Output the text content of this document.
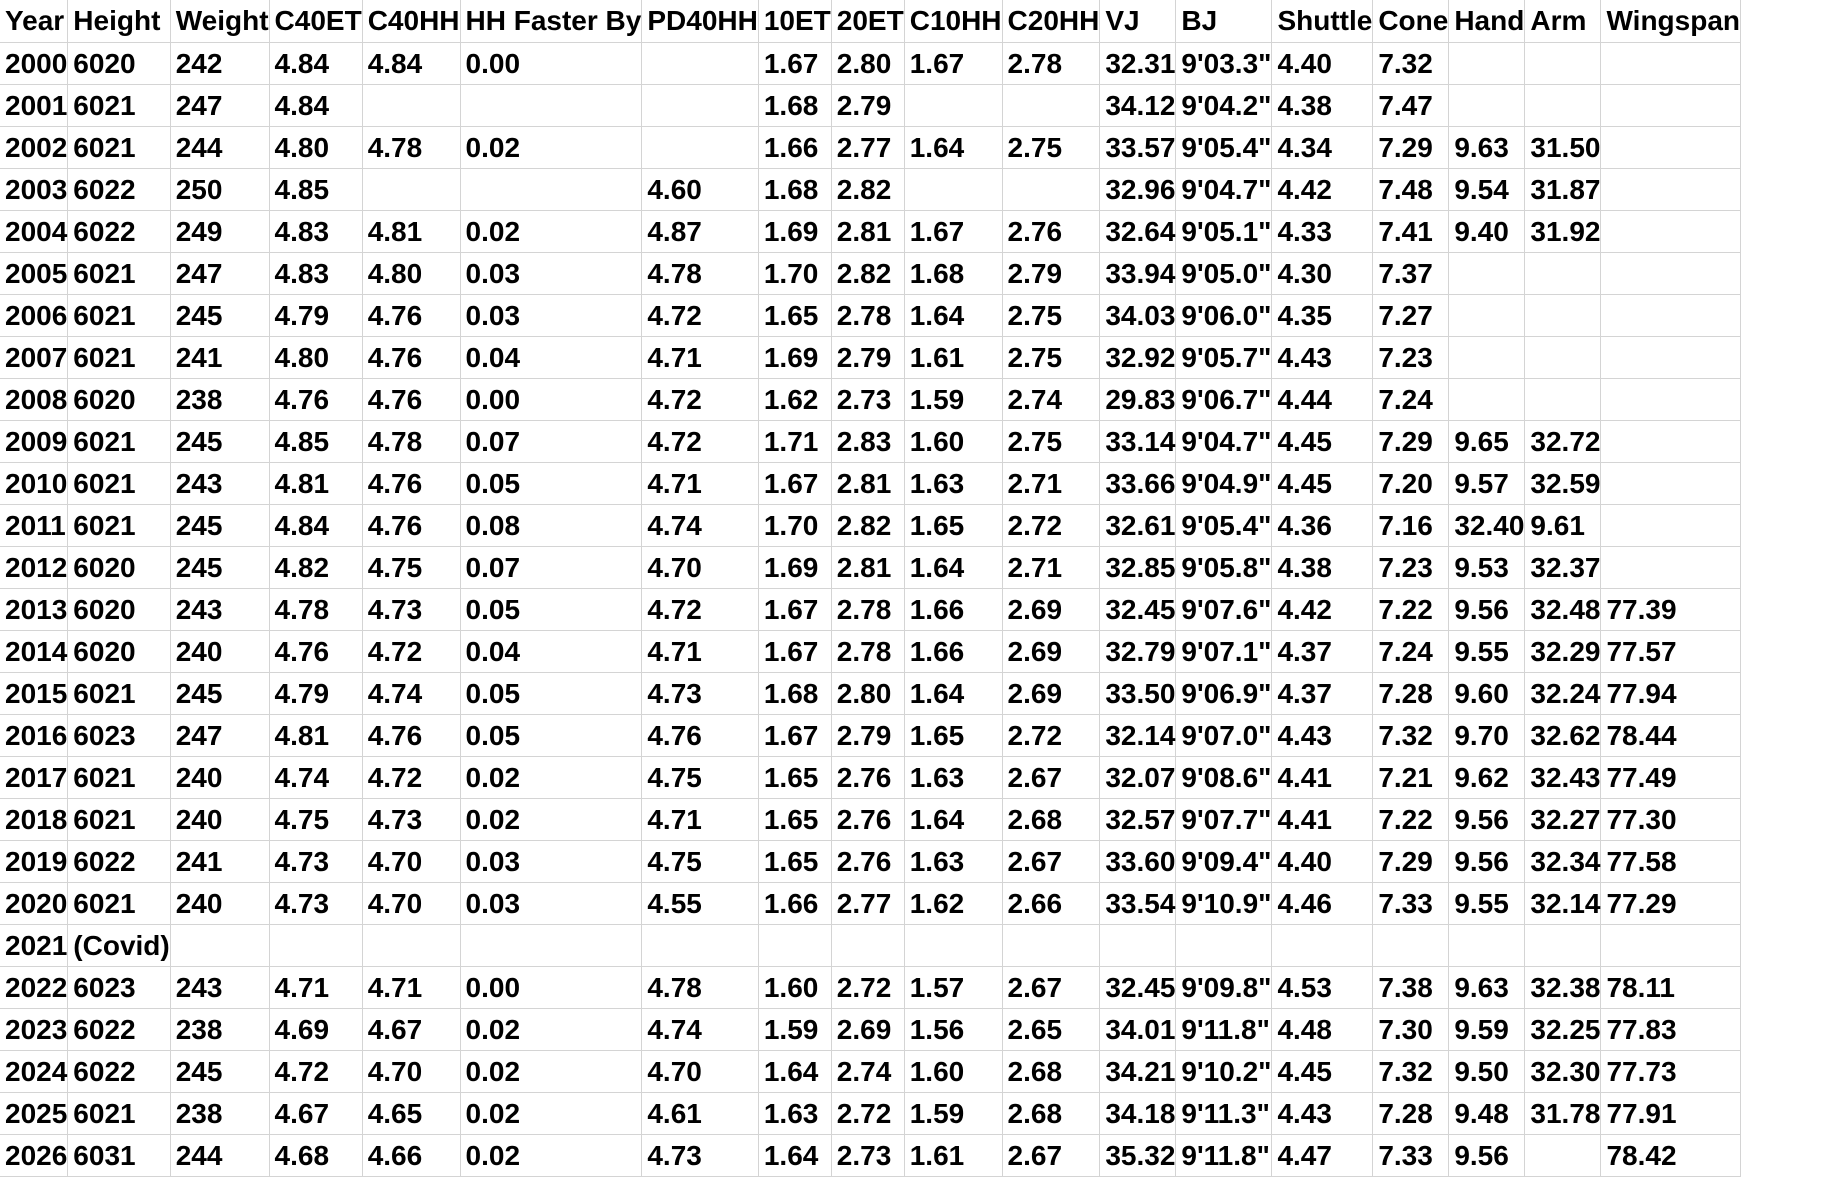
Year	Height	Weight	C40ET	C40HH	HH Faster By	PD40HH	10ET	20ET	C10HH	C20HH	VJ	BJ	Shuttle	Cone	Hand	Arm	Wingspan
2000	6020	242	4.84	4.84	0.00		1.67	2.80	1.67	2.78	32.31	9'03.3"	4.40	7.32			
2001	6021	247	4.84				1.68	2.79			34.12	9'04.2"	4.38	7.47			
2002	6021	244	4.80	4.78	0.02		1.66	2.77	1.64	2.75	33.57	9'05.4"	4.34	7.29	9.63	31.50	
2003	6022	250	4.85			4.60	1.68	2.82			32.96	9'04.7"	4.42	7.48	9.54	31.87	
2004	6022	249	4.83	4.81	0.02	4.87	1.69	2.81	1.67	2.76	32.64	9'05.1"	4.33	7.41	9.40	31.92	
2005	6021	247	4.83	4.80	0.03	4.78	1.70	2.82	1.68	2.79	33.94	9'05.0"	4.30	7.37			
2006	6021	245	4.79	4.76	0.03	4.72	1.65	2.78	1.64	2.75	34.03	9'06.0"	4.35	7.27			
2007	6021	241	4.80	4.76	0.04	4.71	1.69	2.79	1.61	2.75	32.92	9'05.7"	4.43	7.23			
2008	6020	238	4.76	4.76	0.00	4.72	1.62	2.73	1.59	2.74	29.83	9'06.7"	4.44	7.24			
2009	6021	245	4.85	4.78	0.07	4.72	1.71	2.83	1.60	2.75	33.14	9'04.7"	4.45	7.29	9.65	32.72	
2010	6021	243	4.81	4.76	0.05	4.71	1.67	2.81	1.63	2.71	33.66	9'04.9"	4.45	7.20	9.57	32.59	
2011	6021	245	4.84	4.76	0.08	4.74	1.70	2.82	1.65	2.72	32.61	9'05.4"	4.36	7.16	32.40	9.61	
2012	6020	245	4.82	4.75	0.07	4.70	1.69	2.81	1.64	2.71	32.85	9'05.8"	4.38	7.23	9.53	32.37	
2013	6020	243	4.78	4.73	0.05	4.72	1.67	2.78	1.66	2.69	32.45	9'07.6"	4.42	7.22	9.56	32.48	77.39
2014	6020	240	4.76	4.72	0.04	4.71	1.67	2.78	1.66	2.69	32.79	9'07.1"	4.37	7.24	9.55	32.29	77.57
2015	6021	245	4.79	4.74	0.05	4.73	1.68	2.80	1.64	2.69	33.50	9'06.9"	4.37	7.28	9.60	32.24	77.94
2016	6023	247	4.81	4.76	0.05	4.76	1.67	2.79	1.65	2.72	32.14	9'07.0"	4.43	7.32	9.70	32.62	78.44
2017	6021	240	4.74	4.72	0.02	4.75	1.65	2.76	1.63	2.67	32.07	9'08.6"	4.41	7.21	9.62	32.43	77.49
2018	6021	240	4.75	4.73	0.02	4.71	1.65	2.76	1.64	2.68	32.57	9'07.7"	4.41	7.22	9.56	32.27	77.30
2019	6022	241	4.73	4.70	0.03	4.75	1.65	2.76	1.63	2.67	33.60	9'09.4"	4.40	7.29	9.56	32.34	77.58
2020	6021	240	4.73	4.70	0.03	4.55	1.66	2.77	1.62	2.66	33.54	9'10.9"	4.46	7.33	9.55	32.14	77.29
2021	(Covid)																
2022	6023	243	4.71	4.71	0.00	4.78	1.60	2.72	1.57	2.67	32.45	9'09.8"	4.53	7.38	9.63	32.38	78.11
2023	6022	238	4.69	4.67	0.02	4.74	1.59	2.69	1.56	2.65	34.01	9'11.8"	4.48	7.30	9.59	32.25	77.83
2024	6022	245	4.72	4.70	0.02	4.70	1.64	2.74	1.60	2.68	34.21	9'10.2"	4.45	7.32	9.50	32.30	77.73
2025	6021	238	4.67	4.65	0.02	4.61	1.63	2.72	1.59	2.68	34.18	9'11.3"	4.43	7.28	9.48	31.78	77.91
2026	6031	244	4.68	4.66	0.02	4.73	1.64	2.73	1.61	2.67	35.32	9'11.8"	4.47	7.33	9.56		78.42
